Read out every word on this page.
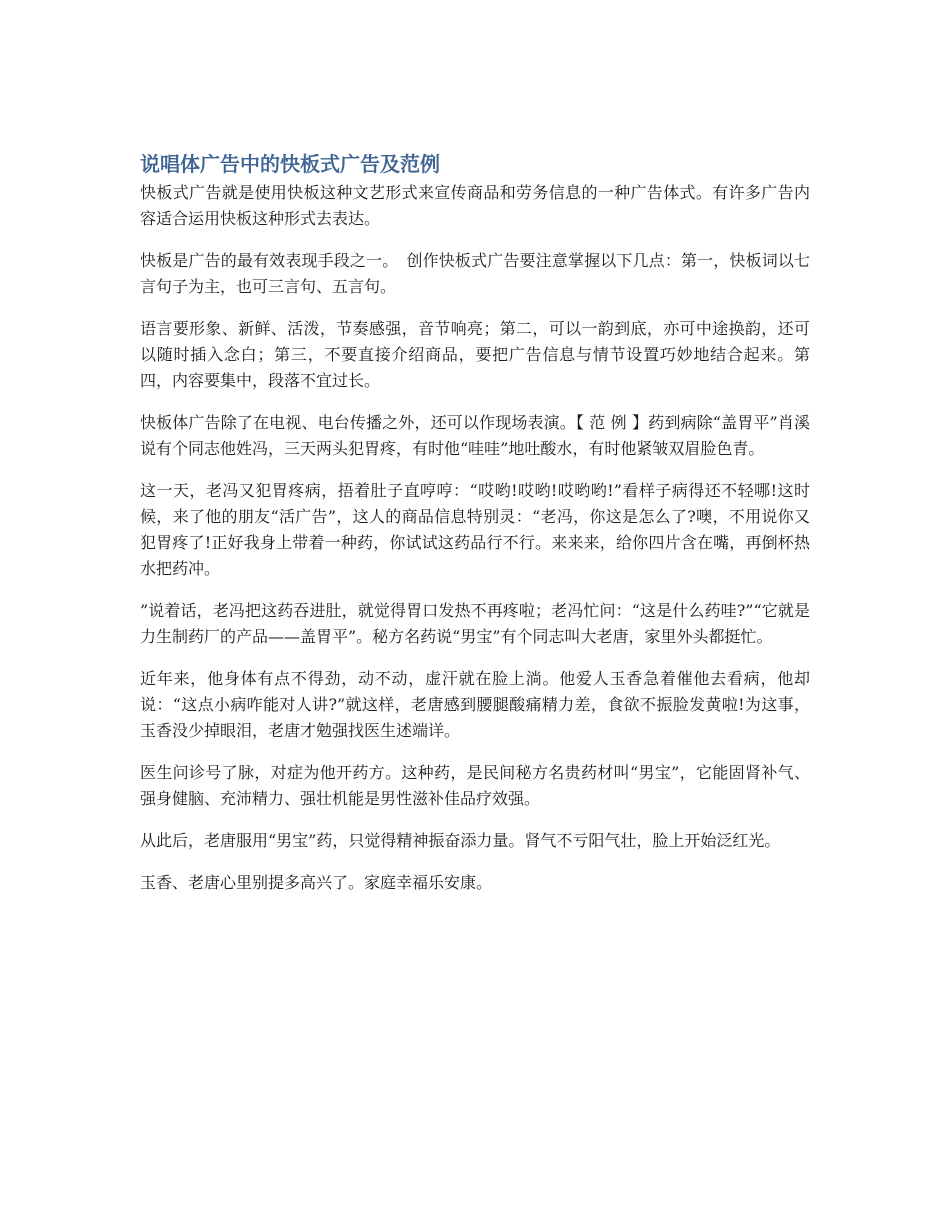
说唱体广告中的快板式广告及范例

快板式广告就是使用快板这种文艺形式来宣传商品和劳务信息的一种广告体式。有许多广告内容适合运用快板这种形式去表达。

快板是广告的最有效表现手段之一。　创作快板式广告要注意掌握以下几点：第一，快板词以七言句子为主，也可三言句、五言句。

语言要形象、新鲜、活泼，节奏感强，音节响亮；第二，可以一韵到底，亦可中途换韵，还可以随时插入念白；第三，不要直接介绍商品，要把广告信息与情节设置巧妙地结合起来。第四，内容要集中，段落不宜过长。

快板体广告除了在电视、电台传播之外，还可以作现场表演。【 范 例 】药到病除“盖胃平”肖溪说有个同志他姓冯，三天两头犯胃疼，有时他“哇哇”地吐酸水，有时他紧皱双眉脸色青。

这一天，老冯又犯胃疼病，捂着肚子直哼哼：“哎哟!哎哟!哎哟哟!”看样子病得还不轻哪!这时候，来了他的朋友“活广告”，这人的商品信息特别灵：“老冯，你这是怎么了?噢，不用说你又犯胃疼了!正好我身上带着一种药，你试试这药品行不行。来来来，给你四片含在嘴，再倒杯热水把药冲。

”说着话，老冯把这药吞进肚，就觉得胃口发热不再疼啦；老冯忙问：“这是什么药哇?”“它就是力生制药厂的产品——盖胃平”。秘方名药说“男宝”有个同志叫大老唐，家里外头都挺忙。

近年来，他身体有点不得劲，动不动，虚汗就在脸上淌。他爱人玉香急着催他去看病，他却说：“这点小病咋能对人讲?”就这样，老唐感到腰腿酸痛精力差，食欲不振脸发黄啦!为这事，玉香没少掉眼泪，老唐才勉强找医生述端详。

医生问诊号了脉，对症为他开药方。这种药，是民间秘方名贵药材叫“男宝”，它能固肾补气、强身健脑、充沛精力、强壮机能是男性滋补佳品疗效强。

从此后，老唐服用“男宝”药，只觉得精神振奋添力量。肾气不亏阳气壮，脸上开始泛红光。

玉香、老唐心里别提多高兴了。家庭幸福乐安康。
